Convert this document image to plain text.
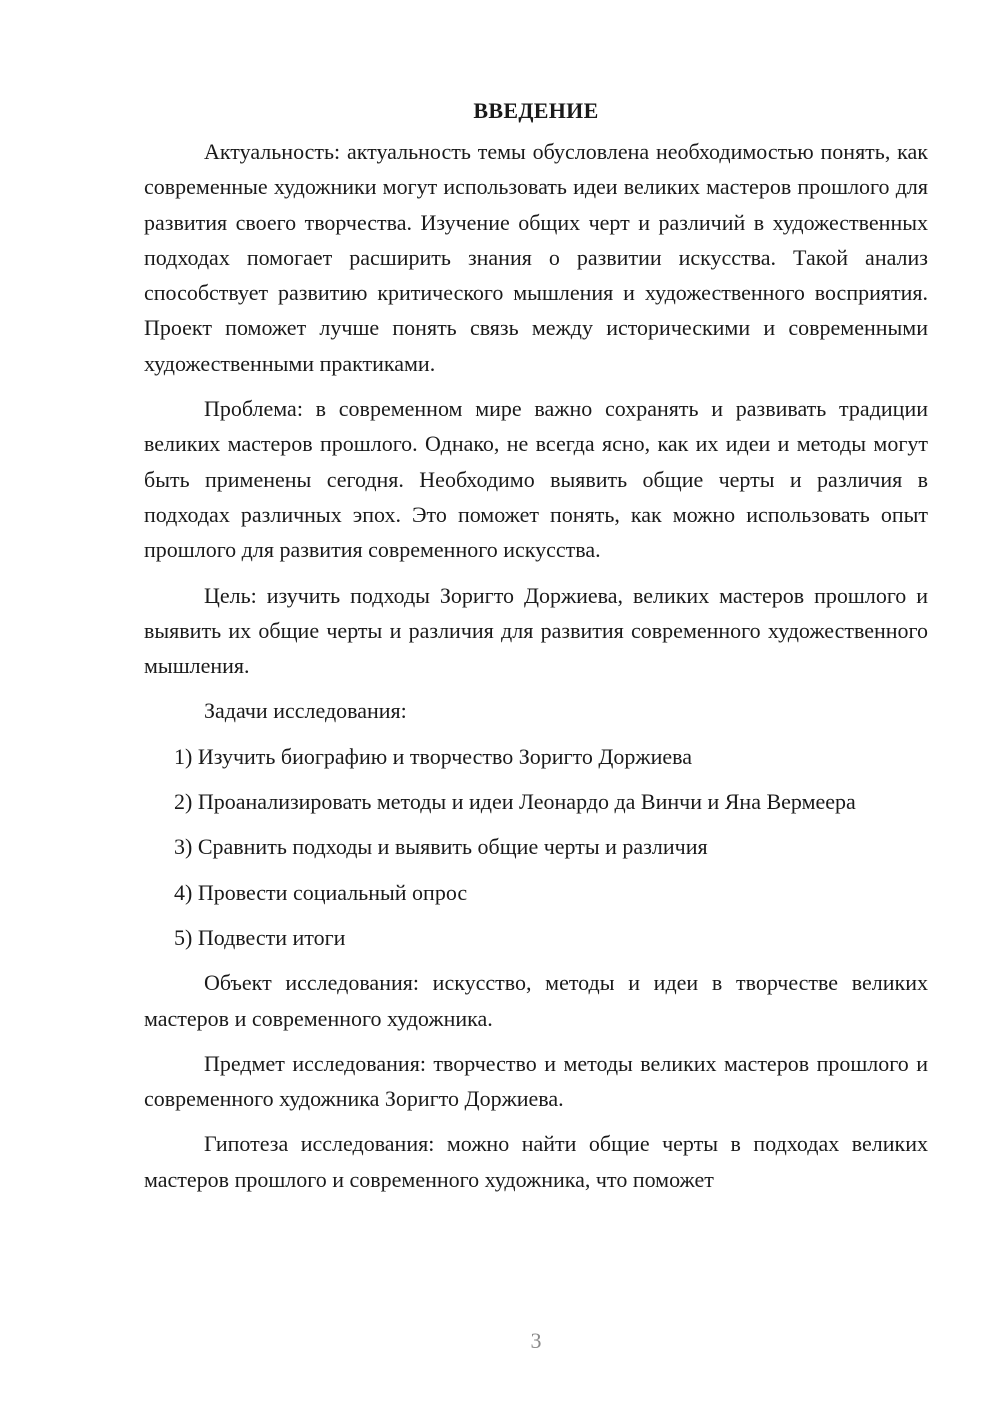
ВВЕДЕНИЕ

Актуальность: актуальность темы обусловлена необходимостью понять, как современные художники могут использовать идеи великих мастеров прошлого для развития своего творчества. Изучение общих черт и различий в художественных подходах помогает расширить знания о развитии искусства. Такой анализ способствует развитию критического мышления и художественного восприятия. Проект поможет лучше понять связь между историческими и современными художественными практиками.

Проблема: в современном мире важно сохранять и развивать традиции великих мастеров прошлого. Однако, не всегда ясно, как их идеи и методы могут быть применены сегодня. Необходимо выявить общие черты и различия в подходах различных эпох. Это поможет понять, как можно использовать опыт прошлого для развития современного искусства.

Цель: изучить подходы Зоригто Доржиева, великих мастеров прошлого и выявить их общие черты и различия для развития современного художественного мышления.

Задачи исследования:

1) Изучить биографию и творчество Зоригто Доржиева

2) Проанализировать методы и идеи Леонардо да Винчи и Яна Вермеера

3) Сравнить подходы и выявить общие черты и различия

4) Провести социальный опрос

5) Подвести итоги

Объект исследования: искусство, методы и идеи в творчестве великих мастеров и современного художника.

Предмет исследования: творчество и методы великих мастеров прошлого и современного художника Зоригто Доржиева.

Гипотеза исследования: можно найти общие черты в подходах великих мастеров прошлого и современного художника, что поможет

3
